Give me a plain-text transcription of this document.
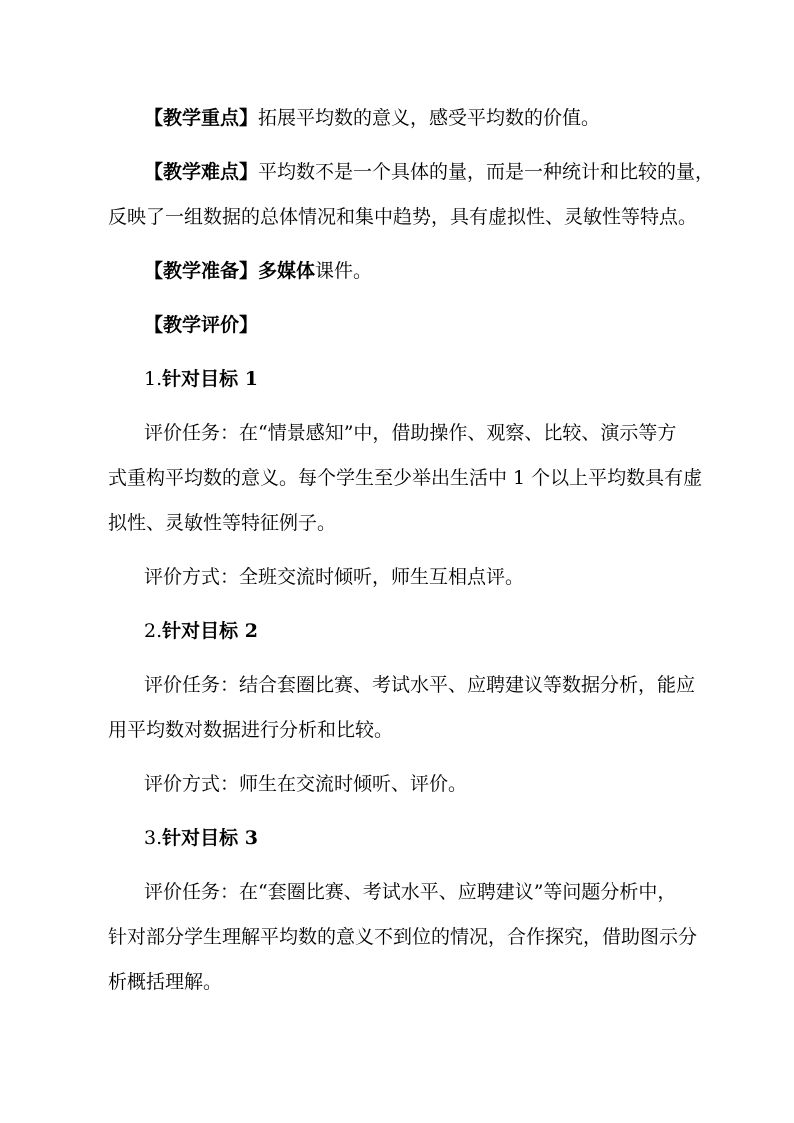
【教学重点】拓展平均数的意义，感受平均数的价值。

【教学难点】平均数不是一个具体的量，而是一种统计和比较的量，

反映了一组数据的总体情况和集中趋势，具有虚拟性、灵敏性等特点。

【教学准备】多媒体课件。

【教学评价】

1.针对目标 1

评价任务：在“情景感知”中，借助操作、观察、比较、演示等方

式重构平均数的意义。每个学生至少举出生活中 1 个以上平均数具有虚

拟性、灵敏性等特征例子。

评价方式：全班交流时倾听，师生互相点评。

2.针对目标 2

评价任务：结合套圈比赛、考试水平、应聘建议等数据分析，能应

用平均数对数据进行分析和比较。

评价方式：师生在交流时倾听、评价。

3.针对目标 3

评价任务：在“套圈比赛、考试水平、应聘建议”等问题分析中，

针对部分学生理解平均数的意义不到位的情况，合作探究，借助图示分

析概括理解。
